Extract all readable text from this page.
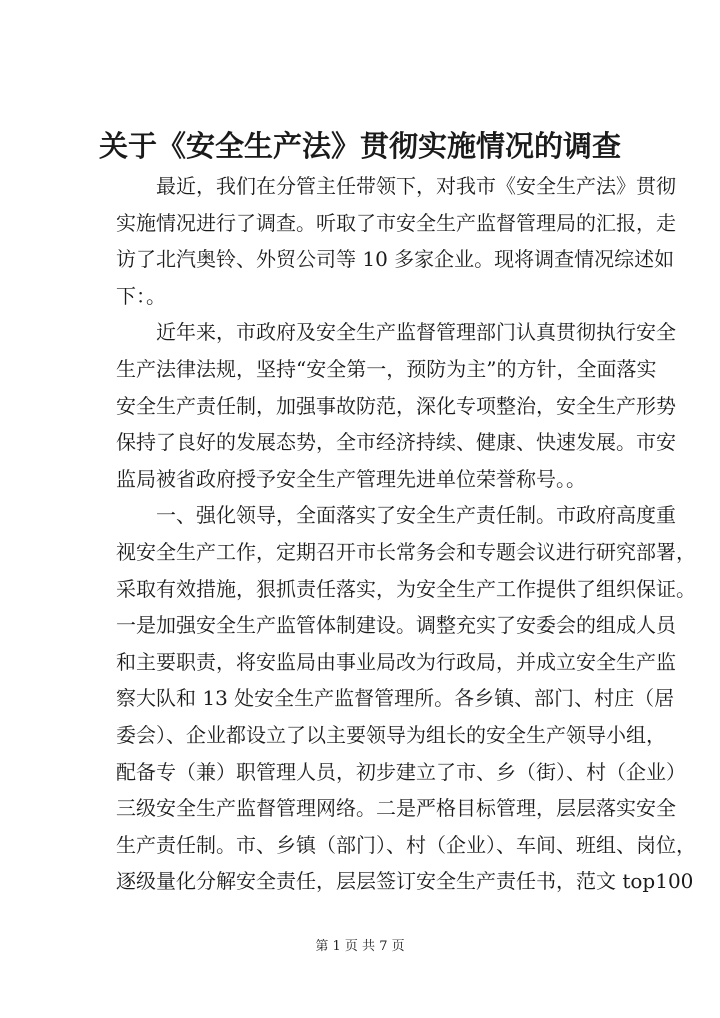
关于《安全生产法》贯彻实施情况的调查
最近，我们在分管主任带领下，对我市《安全生产法》贯彻
实施情况进行了调查。听取了市安全生产监督管理局的汇报，走
访了北汽奥铃、外贸公司等 10 多家企业。现将调查情况综述如
下：。
近年来，市政府及安全生产监督管理部门认真贯彻执行安全
生产法律法规，坚持“安全第一，预防为主”的方针，全面落实
安全生产责任制，加强事故防范，深化专项整治，安全生产形势
保持了良好的发展态势，全市经济持续、健康、快速发展。市安
监局被省政府授予安全生产管理先进单位荣誉称号。。
一、强化领导，全面落实了安全生产责任制。市政府高度重
视安全生产工作，定期召开市长常务会和专题会议进行研究部署，
采取有效措施，狠抓责任落实，为安全生产工作提供了组织保证。
一是加强安全生产监管体制建设。调整充实了安委会的组成人员
和主要职责，将安监局由事业局改为行政局，并成立安全生产监
察大队和 13 处安全生产监督管理所。各乡镇、部门、村庄（居
委会）、企业都设立了以主要领导为组长的安全生产领导小组，
配备专（兼）职管理人员，初步建立了市、乡（街）、村（企业）
三级安全生产监督管理网络。二是严格目标管理，层层落实安全
生产责任制。市、乡镇（部门）、村（企业）、车间、班组、岗位，
逐级量化分解安全责任，层层签订安全生产责任书，范文 top100
第 1 页 共 7 页
